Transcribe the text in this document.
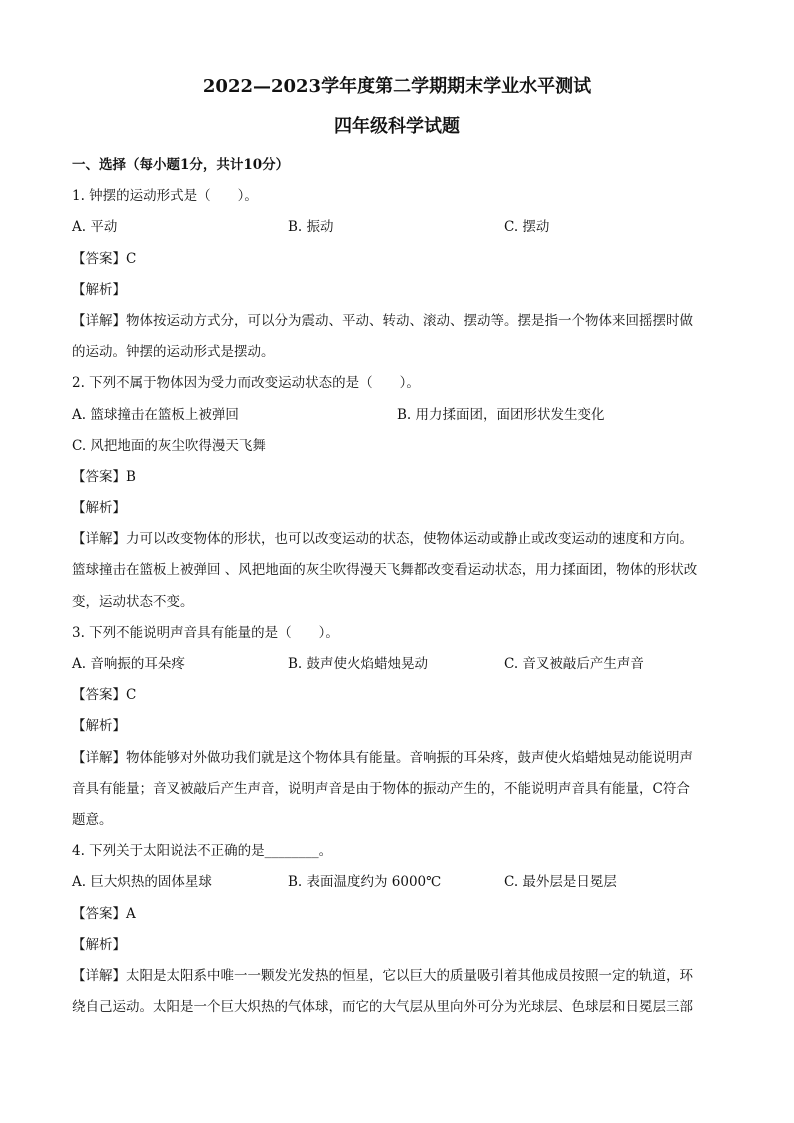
2022—2023学年度第二学期期末学业水平测试
四年级科学试题
一、选择（每小题1分，共计10分）
1. 钟摆的运动形式是（　　）。
A. 平动	B. 振动	C. 摆动
【答案】C
【解析】
【详解】物体按运动方式分，可以分为震动、平动、转动、滚动、摆动等。摆是指一个物体来回摇摆时做
的运动。钟摆的运动形式是摆动。
2. 下列不属于物体因为受力而改变运动状态的是（　　）。
A. 篮球撞击在篮板上被弹回	B. 用力揉面团，面团形状发生变化
C. 风把地面的灰尘吹得漫天飞舞
【答案】B
【解析】
【详解】力可以改变物体的形状，也可以改变运动的状态，使物体运动或静止或改变运动的速度和方向。
篮球撞击在篮板上被弹回 、风把地面的灰尘吹得漫天飞舞都改变看运动状态，用力揉面团，物体的形状改
变，运动状态不变。
3. 下列不能说明声音具有能量的是（　　）。
A. 音响振的耳朵疼	B. 鼓声使火焰蜡烛晃动	C. 音叉被敲后产生声音
【答案】C
【解析】
【详解】物体能够对外做功我们就是这个物体具有能量。音响振的耳朵疼，鼓声使火焰蜡烛晃动能说明声
音具有能量；音叉被敲后产生声音，说明声音是由于物体的振动产生的，不能说明声音具有能量，C符合
题意。
4. 下列关于太阳说法不正确的是________。
A. 巨大炽热的固体星球	B. 表面温度约为 6000℃	C. 最外层是日冕层
【答案】A
【解析】
【详解】太阳是太阳系中唯一一颗发光发热的恒星，它以巨大的质量吸引着其他成员按照一定的轨道，环
绕自己运动。太阳是一个巨大炽热的气体球，而它的大气层从里向外可分为光球层、色球层和日冕层三部
